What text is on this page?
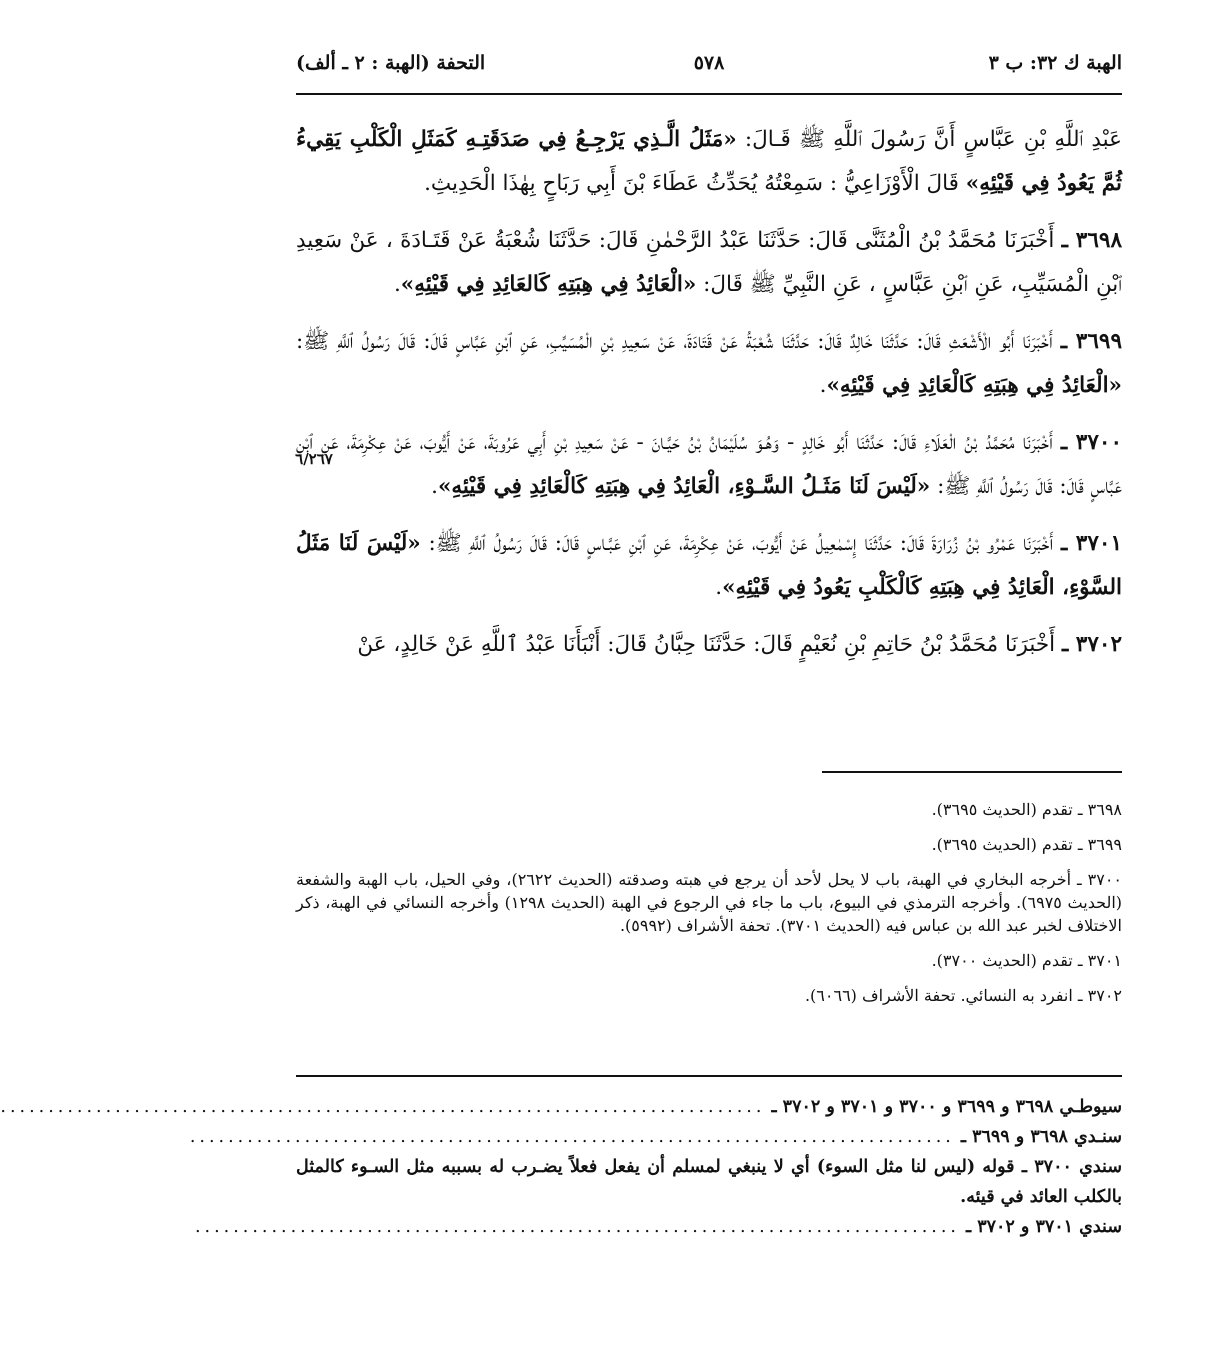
الهبة ك ٣٢: ب ٣
٥٧٨
التحفة (الهبة : ٢ ـ ألف)
٦/٢٦٧

عَبْدِ ٱللَّهِ بْنِ عَبَّاسٍ أَنَّ رَسُولَ ٱللَّهِ ﷺ قَـالَ: «مَثَلُ الَّـذِي يَرْجِـعُ فِي صَدَقَتِـهِ كَمَثَلِ الْكَلْبِ يَقِيءُ ثُمَّ يَعُودُ فِي قَيْئِهِ» قَالَ الْأَوْزَاعِيُّ : سَمِعْتُهُ يُحَدِّثُ عَطَاءَ بْنَ أَبِي رَبَاحٍ بِهٰذَا الْحَدِيثِ.

٣٦٩٨ ـ أَخْبَرَنَا مُحَمَّدُ بْنُ الْمُثَنَّى قَالَ: حَدَّثَنَا عَبْدُ الرَّحْمٰنِ قَالَ: حَدَّثَنَا شُعْبَةُ عَنْ قَتَـادَةَ ، عَنْ سَعِيدِ ٱبْنِ الْمُسَيِّبِ، عَنِ ٱبْنِ عَبَّاسٍ ، عَنِ النَّبِيِّ ﷺ قَالَ: «الْعَائِدُ فِي هِبَتِهِ كَالعَائِدِ فِي قَيْئِهِ».

٣٦٩٩ ـ أَخْبَرَنَا أَبُو الْأَشْعَثِ قَالَ: حَدَّثَنَا خَالِدٌ قَالَ: حَدَّثَنَا شُعْبَةُ عَنْ قَتَادَةَ، عَنْ سَعِيدِ بْنِ الْمُسَيِّبِ، عَنِ ٱبْنِ عَبَّاسٍ قَالَ: قَالَ رَسُولُ ٱللَّهِ ﷺ: «الْعَائِدُ فِي هِبَتِهِ كَالْعَائِدِ فِي قَيْئِهِ».

٣٧٠٠ ـ أَخْبَرَنَا مُحَمَّدُ بْنُ الْعَلَاءِ قَالَ: حَدَّثَنَا أَبُو خَالِدٍ - وَهُـوَ سُلَيْمَانُ بْنُ حَيَّـانَ - عَنْ سَعِيدِ بْنِ أَبِي عَرُوبَةَ، عَنْ أَيُّوبَ، عَنْ عِكْرِمَةَ، عَنِ ٱبْنِ عَبَّاسٍ قَالَ: قَالَ رَسُولُ ٱللَّهِ ﷺ: «لَيْسَ لَنَا مَثَـلُ السَّـوْءِ، الْعَائِدُ فِي هِبَتِهِ كَالْعَائِدِ فِي قَيْئِهِ».

٣٧٠١ ـ أَخْبَرَنَا عَمْرُو بْنُ زُرَارَةَ قَالَ: حَدَّثَنَا إِسْمٰعِيلُ عَنْ أَيُّوبَ، عَنْ عِكْرِمَةَ، عَنِ ٱبْنِ عَبَّـاسٍ قَالَ: قَالَ رَسُولُ ٱللَّهِ ﷺ: «لَيْسَ لَنَا مَثَلُ السَّوْءِ، الْعَائِدُ فِي هِبَتِهِ كَالْكَلْبِ يَعُودُ فِي قَيْئِهِ».

٣٧٠٢ ـ أَخْبَرَنَا مُحَمَّدُ بْنُ حَاتِمِ بْنِ نُعَيْمٍ قَالَ: حَدَّثَنَا حِبَّانُ قَالَ: أَنْبَأَنَا عَبْدُ ٱللَّهِ عَنْ خَالِدٍ، عَنْ

٣٦٩٨ ـ تقدم (الحديث ٣٦٩٥).

٣٦٩٩ ـ تقدم (الحديث ٣٦٩٥).

٣٧٠٠ ـ أخرجه البخاري في الهبة، باب لا يحل لأحد أن يرجع في هبته وصدقته (الحديث ٢٦٢٢)، وفي الحيل، باب الهبة والشفعة (الحديث ٦٩٧٥). وأخرجه الترمذي في البيوع، باب ما جاء في الرجوع في الهبة (الحديث ١٢٩٨) وأخرجه النسائي في الهبة، ذكر الاختلاف لخبر عبد الله بن عباس فيه (الحديث ٣٧٠١). تحفة الأشراف (٥٩٩٢).

٣٧٠١ ـ تقدم (الحديث ٣٧٠٠).

٣٧٠٢ ـ انفرد به النسائي. تحفة الأشراف (٦٠٦٦).

سيوطـي ٣٦٩٨ و ٣٦٩٩ و ٣٧٠٠ و ٣٧٠١ و ٣٧٠٢ ـ
................................................................................
سنـدي ٣٦٩٨ و ٣٦٩٩ ـ
................................................................................

سندي ٣٧٠٠ ـ قوله (ليس لنا مثل السوء) أي لا ينبغي لمسلم أن يفعل فعلاً يضـرب له بسببه مثل السـوء كالمثل بالكلب العائد في قيئه.

سندي ٣٧٠١ و ٣٧٠٢ ـ
................................................................................
